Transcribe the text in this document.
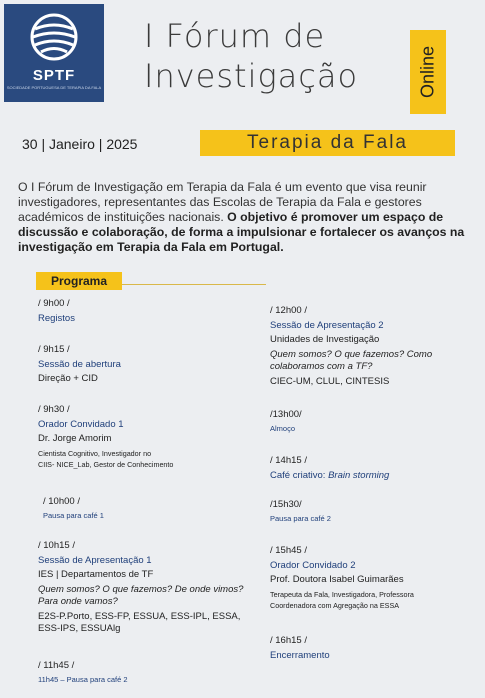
SPTF
SOCIEDADE PORTUGUESA DE TERAPIA DA FALA
I Fórum de
Investigação	Online
30 | Janeiro | 2025	Terapia da Fala

O I Fórum de Investigação em Terapia da Fala é um evento que visa reunir investigadores, representantes das Escolas de Terapia da Fala e gestores académicos de instituições nacionais. O objetivo é promover um espaço de discussão e colaboração, de forma a impulsionar e fortalecer os avanços na investigação em Terapia da Fala em Portugal.

Programa
/ 9h00 /
Registos
/ 9h15 /
Sessão de abertura
Direção + CID
/ 9h30 /
Orador Convidado 1
Dr. Jorge Amorim
Cientista Cognitivo, Investigador no
CIIS- NICE_Lab, Gestor de Conhecimento
/ 10h00 /
Pausa para café 1
/ 10h15 /
Sessão de Apresentação 1
IES | Departamentos de TF
Quem somos? O que fazemos? De onde vimos? Para onde vamos?
E2S-P.Porto, ESS-FP, ESSUA, ESS-IPL, ESSA, ESS-IPS, ESSUAlg
/ 11h45 /
11h45 – Pausa para café 2
/ 12h00 /
Sessão de Apresentação 2
Unidades de Investigação
Quem somos? O que fazemos? Como colaboramos com a TF?
CIEC-UM, CLUL, CINTESIS
/13h00/
Almoço
/ 14h15 /
Café criativo: Brain storming
/15h30/
Pausa para café 2
/ 15h45 /
Orador Convidado 2
Prof. Doutora Isabel Guimarães
Terapeuta da Fala, Investigadora, Professora
Coordenadora com Agregação na ESSA
/ 16h15 /
Encerramento
